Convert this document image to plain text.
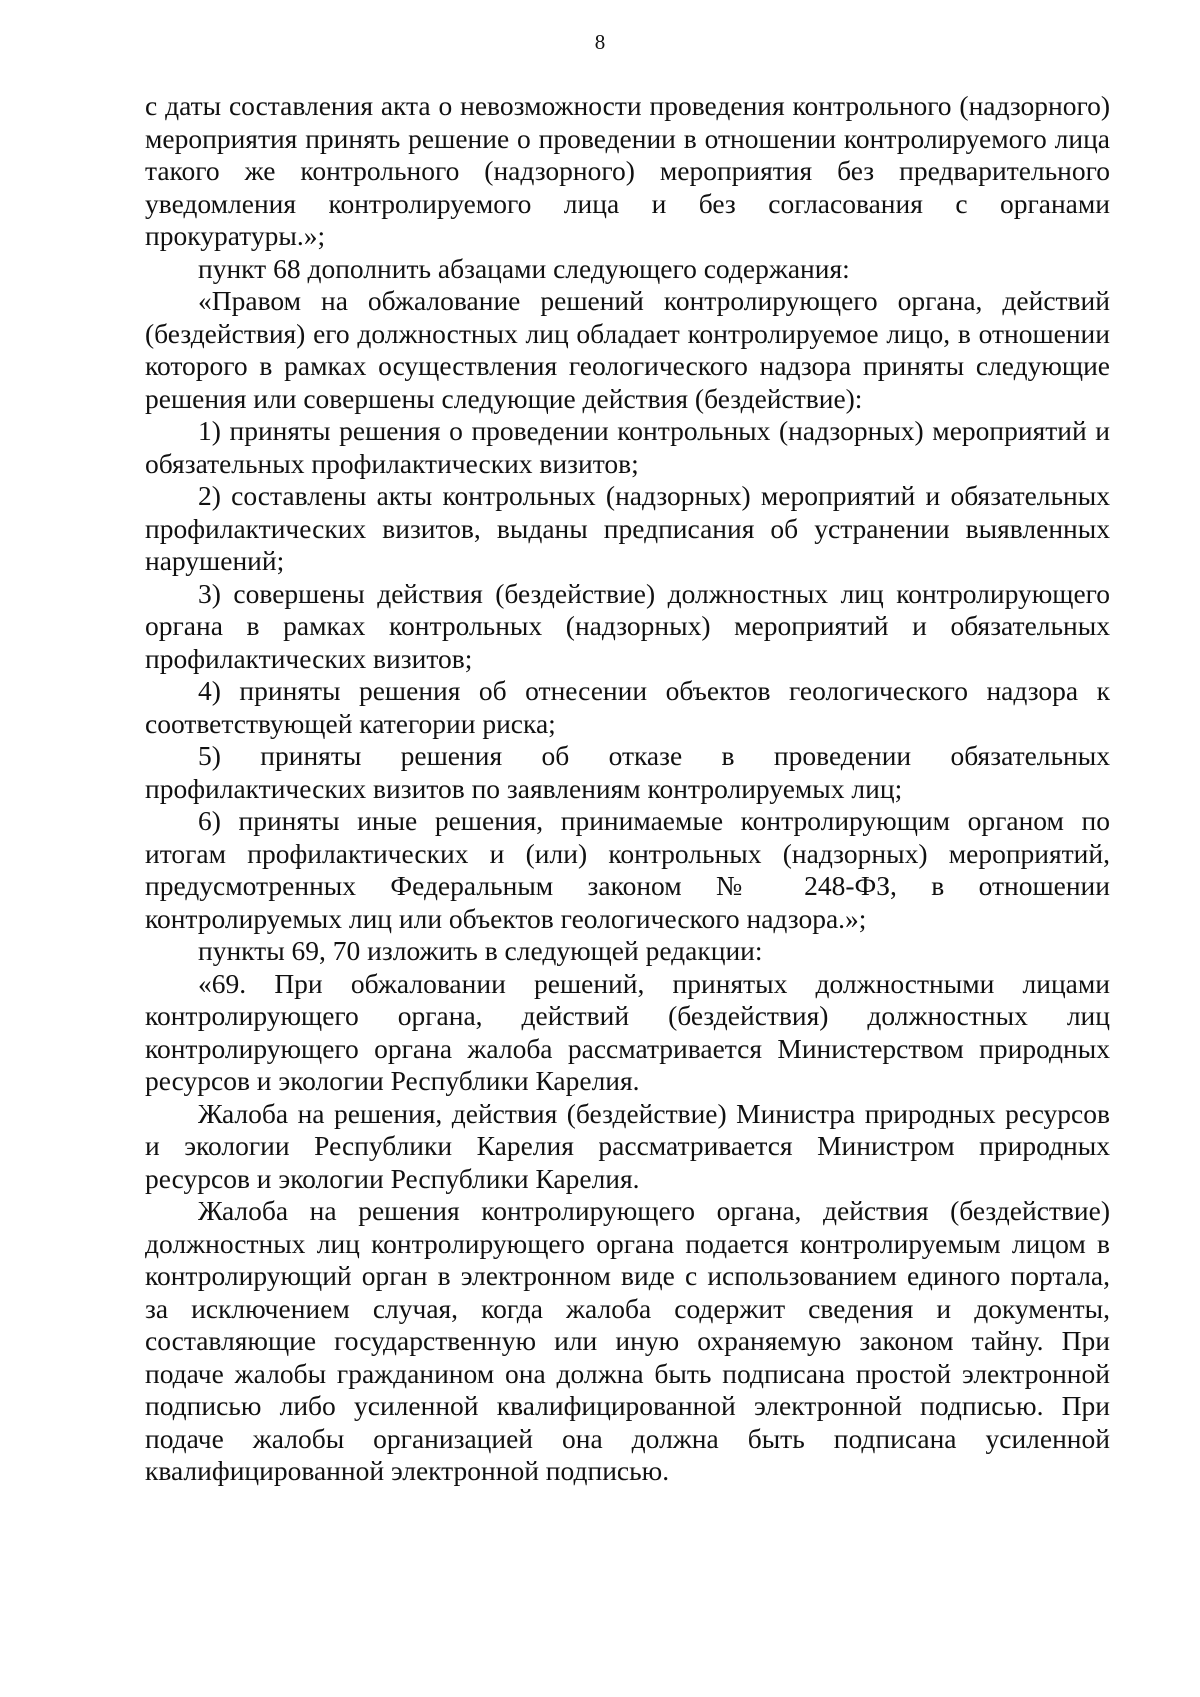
8

с даты составления акта о невозможности проведения контрольного (надзорного) мероприятия принять решение о проведении в отношении контролируемого лица такого же контрольного (надзорного) мероприятия без предварительного уведомления контролируемого лица и без согласования с органами прокуратуры.»;

пункт 68 дополнить абзацами следующего содержания:

«Правом на обжалование решений контролирующего органа, действий (бездействия) его должностных лиц обладает контролируемое лицо, в отношении которого в рамках осуществления геологического надзора приняты следующие решения или совершены следующие действия (бездействие):

1) приняты решения о проведении контрольных (надзорных) мероприятий и обязательных профилактических визитов;

2) составлены акты контрольных (надзорных) мероприятий и обязательных профилактических визитов, выданы предписания об устранении выявленных нарушений;

3) совершены действия (бездействие) должностных лиц контролирующего органа в рамках контрольных (надзорных) мероприятий и обязательных профилактических визитов;

4) приняты решения об отнесении объектов геологического надзора к соответствующей категории риска;

5) приняты решения об отказе в проведении обязательных профилактических визитов по заявлениям контролируемых лиц;

6) приняты иные решения, принимаемые контролирующим органом по итогам профилактических и (или) контрольных (надзорных) мероприятий, предусмотренных Федеральным законом № 248-ФЗ, в отношении контролируемых лиц или объектов геологического надзора.»;

пункты 69, 70 изложить в следующей редакции:

«69. При обжаловании решений, принятых должностными лицами контролирующего органа, действий (бездействия) должностных лиц контролирующего органа жалоба рассматривается Министерством природных ресурсов и экологии Республики Карелия.

Жалоба на решения, действия (бездействие) Министра природных ресурсов и экологии Республики Карелия рассматривается Министром природных ресурсов и экологии Республики Карелия.

Жалоба на решения контролирующего органа, действия (бездействие) должностных лиц контролирующего органа подается контролируемым лицом в контролирующий орган в электронном виде с использованием единого портала, за исключением случая, когда жалоба содержит сведения и документы, составляющие государственную или иную охраняемую законом тайну. При подаче жалобы гражданином она должна быть подписана простой электронной подписью либо усиленной квалифицированной электронной подписью. При подаче жалобы организацией она должна быть подписана усиленной квалифицированной электронной подписью.
